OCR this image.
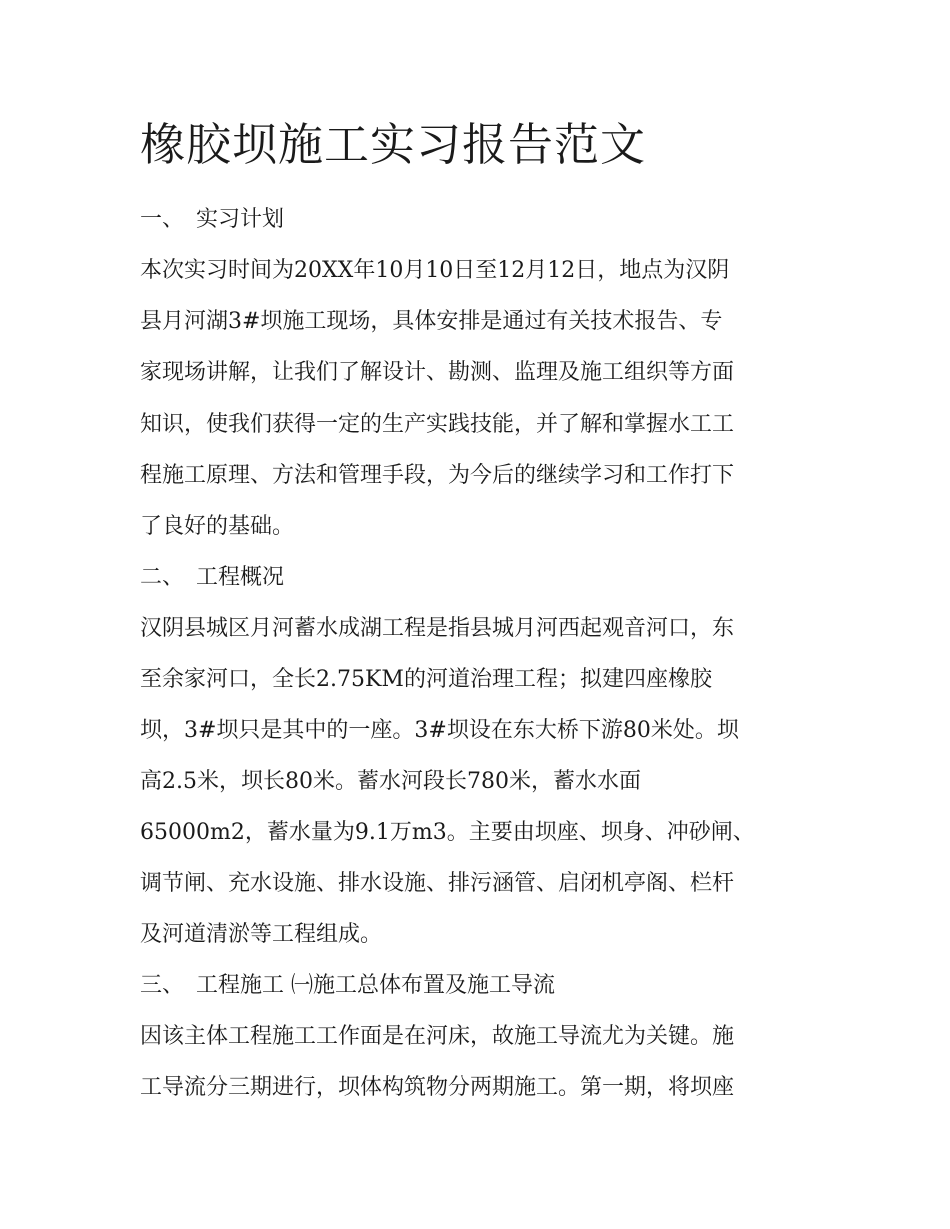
橡胶坝施工实习报告范文

一、 实习计划

本次实习时间为20XX年10月10日至12月12日，地点为汉阴

县月河湖3#坝施工现场，具体安排是通过有关技术报告、专

家现场讲解，让我们了解设计、勘测、监理及施工组织等方面

知识，使我们获得一定的生产实践技能，并了解和掌握水工工

程施工原理、方法和管理手段，为今后的继续学习和工作打下

了良好的基础。

二、 工程概况

汉阴县城区月河蓄水成湖工程是指县城月河西起观音河口，东

至余家河口，全长2.75KM的河道治理工程；拟建四座橡胶

坝，3#坝只是其中的一座。3#坝设在东大桥下游80米处。坝

高2.5米，坝长80米。蓄水河段长780米，蓄水水面

65000m2，蓄水量为9.1万m3。主要由坝座、坝身、冲砂闸、

调节闸、充水设施、排水设施、排污涵管、启闭机亭阁、栏杆

及河道清淤等工程组成。

三、 工程施工 ㈠施工总体布置及施工导流

因该主体工程施工工作面是在河床，故施工导流尤为关键。施

工导流分三期进行，坝体构筑物分两期施工。第一期，将坝座
